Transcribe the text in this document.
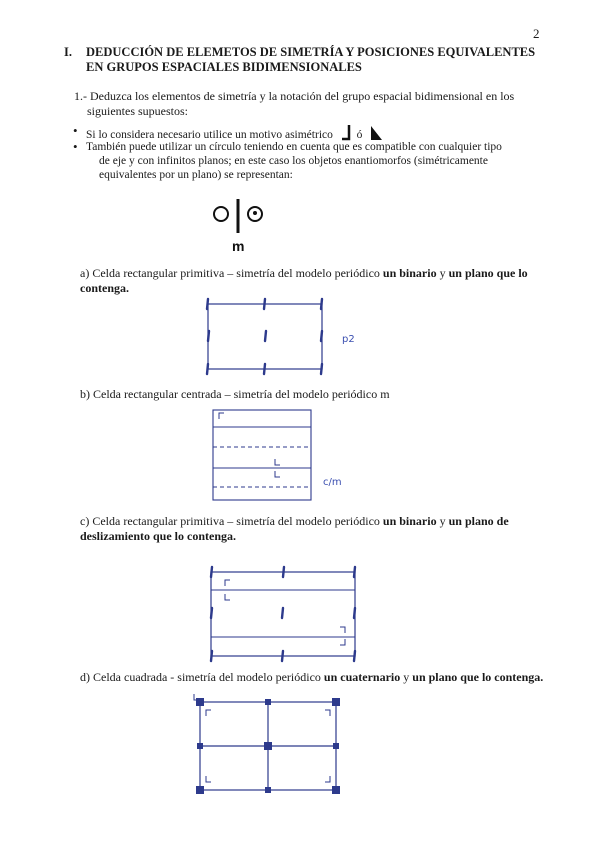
2
I. DEDUCCIÓN DE ELEMETOS DE SIMETRÍA Y POSICIONES EQUIVALENTES
EN GRUPOS ESPACIALES BIDIMENSIONALES
1.- Deduzca los elementos de simetría y la notación del grupo espacial bidimensional en los
siguientes supuestos:
• Si lo considera necesario utilice un motivo asimétrico ó
• También puede utilizar un círculo teniendo en cuenta que es compatible con cualquier tipo
de eje y con infinitos planos; en este caso los objetos enantiomorfos (simétricamente
equivalentes por un plano) se representan:
m
a) Celda rectangular primitiva – simetría del modelo periódico un binario y un plano que lo contenga.
p2
b) Celda rectangular centrada – simetría del modelo periódico m
c/m
c) Celda rectangular primitiva – simetría del modelo periódico un binario y un plano de deslizamiento que lo contenga.
d) Celda cuadrada - simetría del modelo periódico un cuaternario y un plano que lo contenga.
